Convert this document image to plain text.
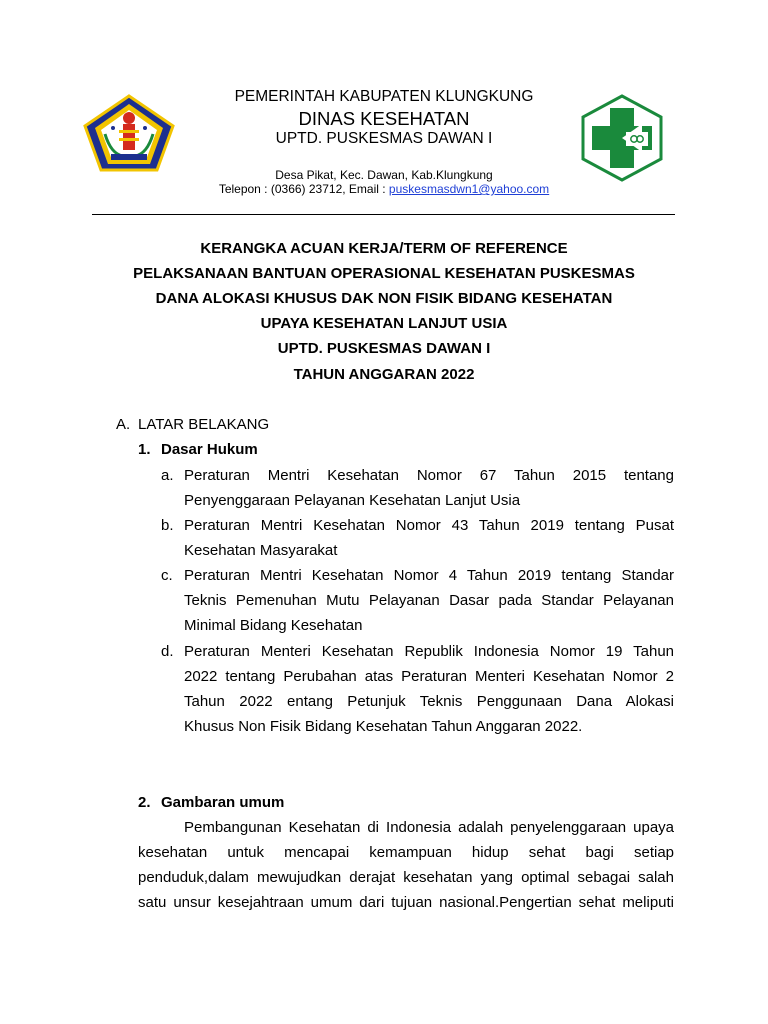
PEMERINTAH KABUPATEN KLUNGKUNG
DINAS KESEHATAN
UPTD. PUSKESMAS DAWAN I
Desa Pikat, Kec. Dawan, Kab.Klungkung
Telepon : (0366) 23712, Email : puskesmasdwn1@yahoo.com
KERANGKA ACUAN KERJA/TERM OF REFERENCE
PELAKSANAAN BANTUAN OPERASIONAL KESEHATAN PUSKESMAS
DANA ALOKASI KHUSUS DAK NON FISIK BIDANG KESEHATAN
UPAYA KESEHATAN LANJUT USIA
UPTD. PUSKESMAS DAWAN I
TAHUN ANGGARAN 2022
A. LATAR BELAKANG
1. Dasar Hukum
a. Peraturan Mentri Kesehatan Nomor 67 Tahun 2015 tentang
Penyenggaraan Pelayanan Kesehatan Lanjut Usia
b. Peraturan Mentri Kesehatan Nomor 43 Tahun 2019 tentang Pusat
Kesehatan Masyarakat
c. Peraturan Mentri Kesehatan Nomor 4 Tahun 2019 tentang Standar
Teknis Pemenuhan Mutu Pelayanan Dasar pada Standar Pelayanan
Minimal Bidang Kesehatan
d. Peraturan Menteri Kesehatan Republik Indonesia Nomor 19 Tahun
2022 tentang Perubahan atas Peraturan Menteri Kesehatan Nomor 2
Tahun 2022 entang Petunjuk Teknis Penggunaan Dana Alokasi
Khusus Non Fisik Bidang Kesehatan Tahun Anggaran 2022.
2. Gambaran umum
Pembangunan Kesehatan di Indonesia adalah penyelenggaraan upaya
kesehatan untuk mencapai kemampuan hidup sehat bagi setiap
penduduk,dalam mewujudkan derajat kesehatan yang optimal sebagai salah
satu unsur kesejahtraan umum dari tujuan nasional.Pengertian sehat meliputi
